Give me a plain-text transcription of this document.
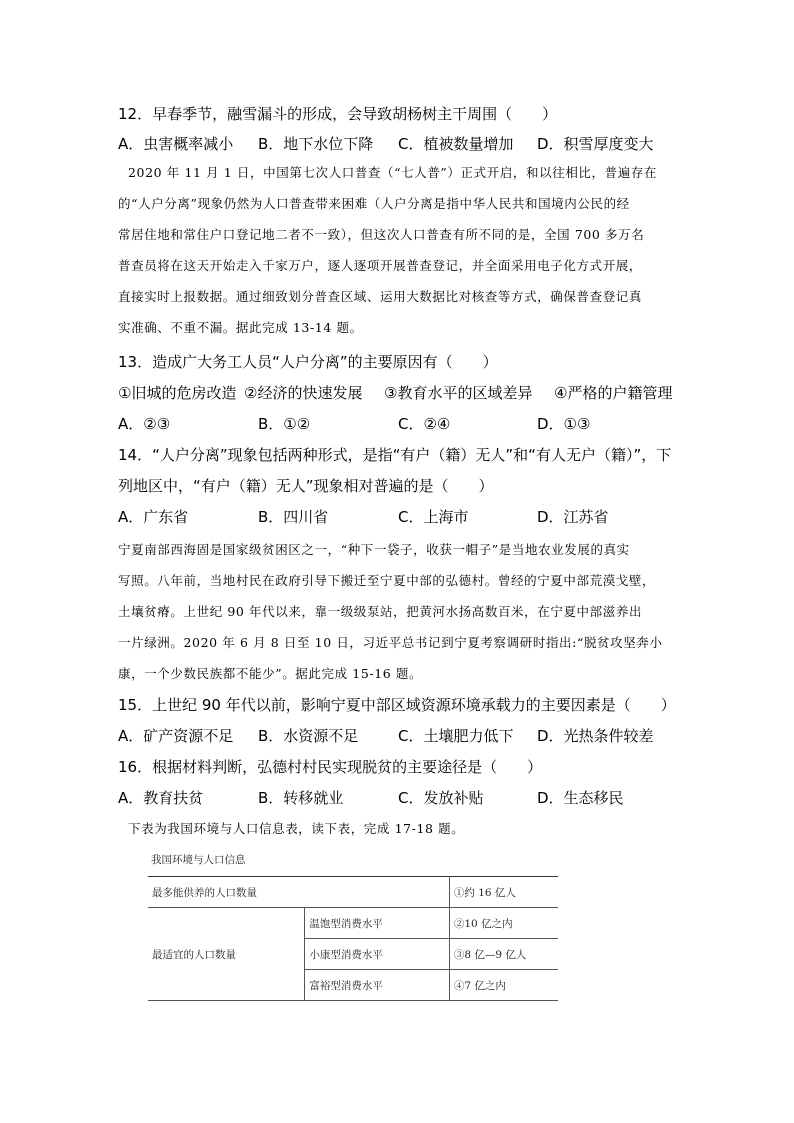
12．早春季节，融雪漏斗的形成，会导致胡杨树主干周围（　　）
A．虫害概率减小	B．地下水位下降	C．植被数量增加	D．积雪厚度变大
2020 年 11 月 1 日，中国第七次人口普查（“七人普”）正式开启，和以往相比，普遍存在
的“人户分离”现象仍然为人口普查带来困难（人户分离是指中华人民共和国境内公民的经
常居住地和常住户口登记地二者不一致），但这次人口普查有所不同的是，全国 700 多万名
普查员将在这天开始走入千家万户，逐人逐项开展普查登记，并全面采用电子化方式开展，
直接实时上报数据。通过细致划分普查区域、运用大数据比对核查等方式，确保普查登记真
实准确、不重不漏。据此完成 13-14 题。
13．造成广大务工人员“人户分离”的主要原因有（　　）
①旧城的危房改造 ②经济的快速发展	③教育水平的区域差异	④严格的户籍管理
A．②③	B．①②	C．②④	D．①③
14．“人户分离”现象包括两种形式，是指“有户（籍）无人”和“有人无户（籍）”，下
列地区中，“有户（籍）无人”现象相对普遍的是（　　）
A．广东省	B．四川省	C．上海市	D．江苏省
宁夏南部西海固是国家级贫困区之一，“种下一袋子，收获一帽子”是当地农业发展的真实
写照。八年前，当地村民在政府引导下搬迁至宁夏中部的弘德村。曾经的宁夏中部荒漠戈壁，
土壤贫瘠。上世纪 90 年代以来，靠一级级泵站，把黄河水扬高数百米，在宁夏中部滋养出
一片绿洲。2020 年 6 月 8 日至 10 日，习近平总书记到宁夏考察调研时指出:“脱贫攻坚奔小
康，一个少数民族都不能少”。据此完成 15-16 题。
15．上世纪 90 年代以前，影响宁夏中部区域资源环境承载力的主要因素是（　　）
A．矿产资源不足	B．水资源不足	C．土壤肥力低下	D．光热条件较差
16．根据材料判断，弘德村村民实现脱贫的主要途径是（　　）
A．教育扶贫	B．转移就业	C．发放补贴	D．生态移民
下表为我国环境与人口信息表，读下表，完成 17-18 题。
我国环境与人口信息
最多能供养的人口数量		①约 16 亿人
最适宜的人口数量	温饱型消费水平	②10 亿之内
	小康型消费水平	③8 亿—9 亿人
	富裕型消费水平	④7 亿之内
